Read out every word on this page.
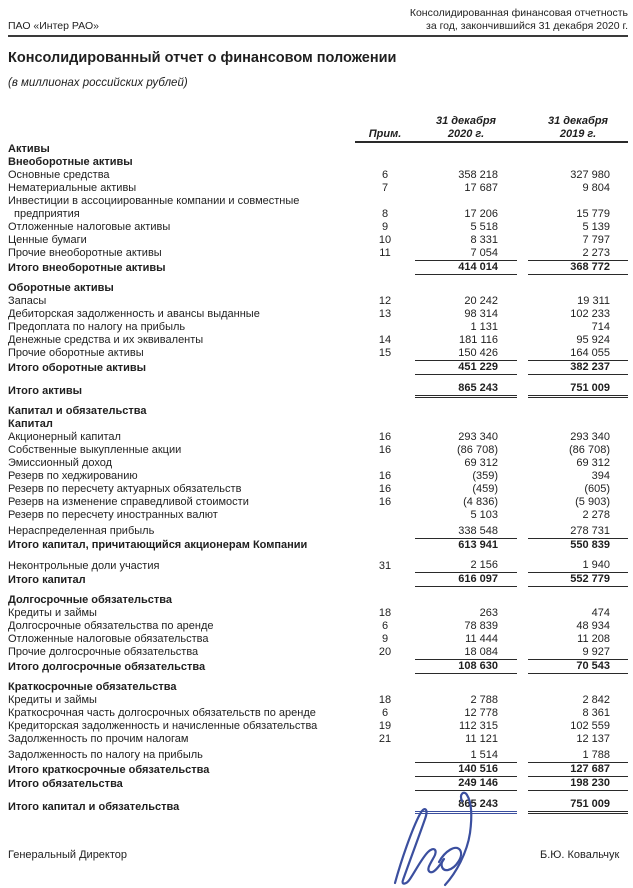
ПАО «Интер РАО»
Консолидированная финансовая отчетность
за год, закончившийся 31 декабря 2020 г.
Консолидированный отчет о финансовом положении
(в миллионах российских рублей)
Прим.
31 декабря
2020 г.
31 декабря
2019 г.
Активы
Внеоборотные активы
Основные средства	6	358 218	327 980
Нематериальные активы	7	17 687	9 804
Инвестиции в ассоциированные компании и совместные
предприятия	8	17 206	15 779
Отложенные налоговые активы	9	5 518	5 139
Ценные бумаги	10	8 331	7 797
Прочие внеоборотные активы	11	7 054	2 273
Итого внеоборотные активы	414 014	368 772
Оборотные активы
Запасы	12	20 242	19 311
Дебиторская задолженность и авансы выданные	13	98 314	102 233
Предоплата по налогу на прибыль	1 131	714
Денежные средства и их эквиваленты	14	181 116	95 924
Прочие оборотные активы	15	150 426	164 055
Итого оборотные активы	451 229	382 237
Итого активы	865 243	751 009
Капитал и обязательства
Капитал
Акционерный капитал	16	293 340	293 340
Собственные выкупленные акции	16	(86 708)	(86 708)
Эмиссионный доход	69 312	69 312
Резерв по хеджированию	16	(359)	394
Резерв по пересчету актуарных обязательств	16	(459)	(605)
Резерв на изменение справедливой стоимости	16	(4 836)	(5 903)
Резерв по пересчету иностранных валют	5 103	2 278
Нераспределенная прибыль	338 548	278 731
Итого капитал, причитающийся акционерам Компании	613 941	550 839
Неконтрольные доли участия	31	2 156	1 940
Итого капитал	616 097	552 779
Долгосрочные обязательства
Кредиты и займы	18	263	474
Долгосрочные обязательства по аренде	6	78 839	48 934
Отложенные налоговые обязательства	9	11 444	11 208
Прочие долгосрочные обязательства	20	18 084	9 927
Итого долгосрочные обязательства	108 630	70 543
Краткосрочные обязательства
Кредиты и займы	18	2 788	2 842
Краткосрочная часть долгосрочных обязательств по аренде	6	12 778	8 361
Кредиторская задолженность и начисленные обязательства	19	112 315	102 559
Задолженность по прочим налогам	21	11 121	12 137
Задолженность по налогу на прибыль	1 514	1 788
Итого краткосрочные обязательства	140 516	127 687
Итого обязательства	249 146	198 230
Итого капитал и обязательства	865 243	751 009
Генеральный Директор	Б.Ю. Ковальчук
